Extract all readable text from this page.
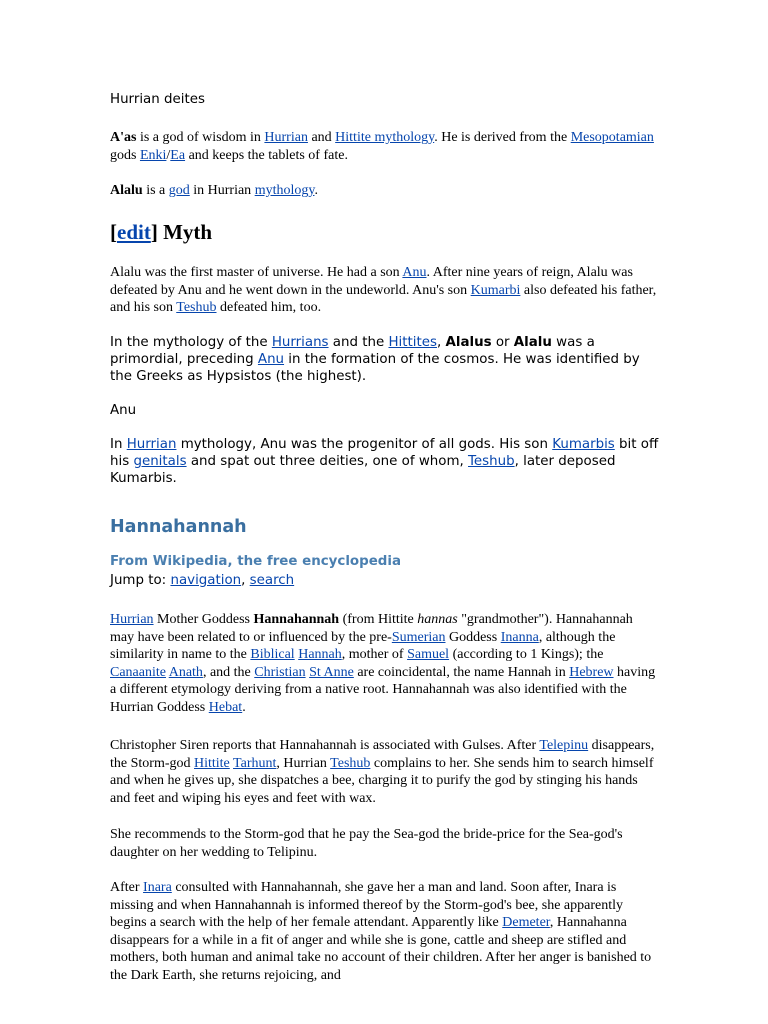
Hurrian deites

A'as is a god of wisdom in Hurrian and Hittite mythology. He is derived from the Mesopotamian gods Enki/Ea and keeps the tablets of fate.

Alalu is a god in Hurrian mythology.

[edit] Myth

Alalu was the first master of universe. He had a son Anu. After nine years of reign, Alalu was defeated by Anu and he went down in the undeworld. Anu's son Kumarbi also defeated his father, and his son Teshub defeated him, too.

In the mythology of the Hurrians and the Hittites, Alalus or Alalu was a primordial, preceding Anu in the formation of the cosmos. He was identified by the Greeks as Hypsistos (the highest).

Anu

In Hurrian mythology, Anu was the progenitor of all gods. His son Kumarbis bit off his genitals and spat out three deities, one of whom, Teshub, later deposed Kumarbis.

Hannahannah

From Wikipedia, the free encyclopedia

Jump to: navigation, search

Hurrian Mother Goddess Hannahannah (from Hittite hannas "grandmother"). Hannahannah may have been related to or influenced by the pre-Sumerian Goddess Inanna, although the similarity in name to the Biblical Hannah, mother of Samuel (according to 1 Kings); the Canaanite Anath, and the Christian St Anne are coincidental, the name Hannah in Hebrew having a different etymology deriving from a native root. Hannahannah was also identified with the Hurrian Goddess Hebat.

Christopher Siren reports that Hannahannah is associated with Gulses. After Telepinu disappears, the Storm-god Hittite Tarhunt, Hurrian Teshub complains to her. She sends him to search himself and when he gives up, she dispatches a bee, charging it to purify the god by stinging his hands and feet and wiping his eyes and feet with wax.

She recommends to the Storm-god that he pay the Sea-god the bride-price for the Sea-god's daughter on her wedding to Telipinu.

After Inara consulted with Hannahannah, she gave her a man and land. Soon after, Inara is missing and when Hannahannah is informed thereof by the Storm-god's bee, she apparently begins a search with the help of her female attendant. Apparently like Demeter, Hannahanna disappears for a while in a fit of anger and while she is gone, cattle and sheep are stifled and mothers, both human and animal take no account of their children. After her anger is banished to the Dark Earth, she returns rejoicing, and
